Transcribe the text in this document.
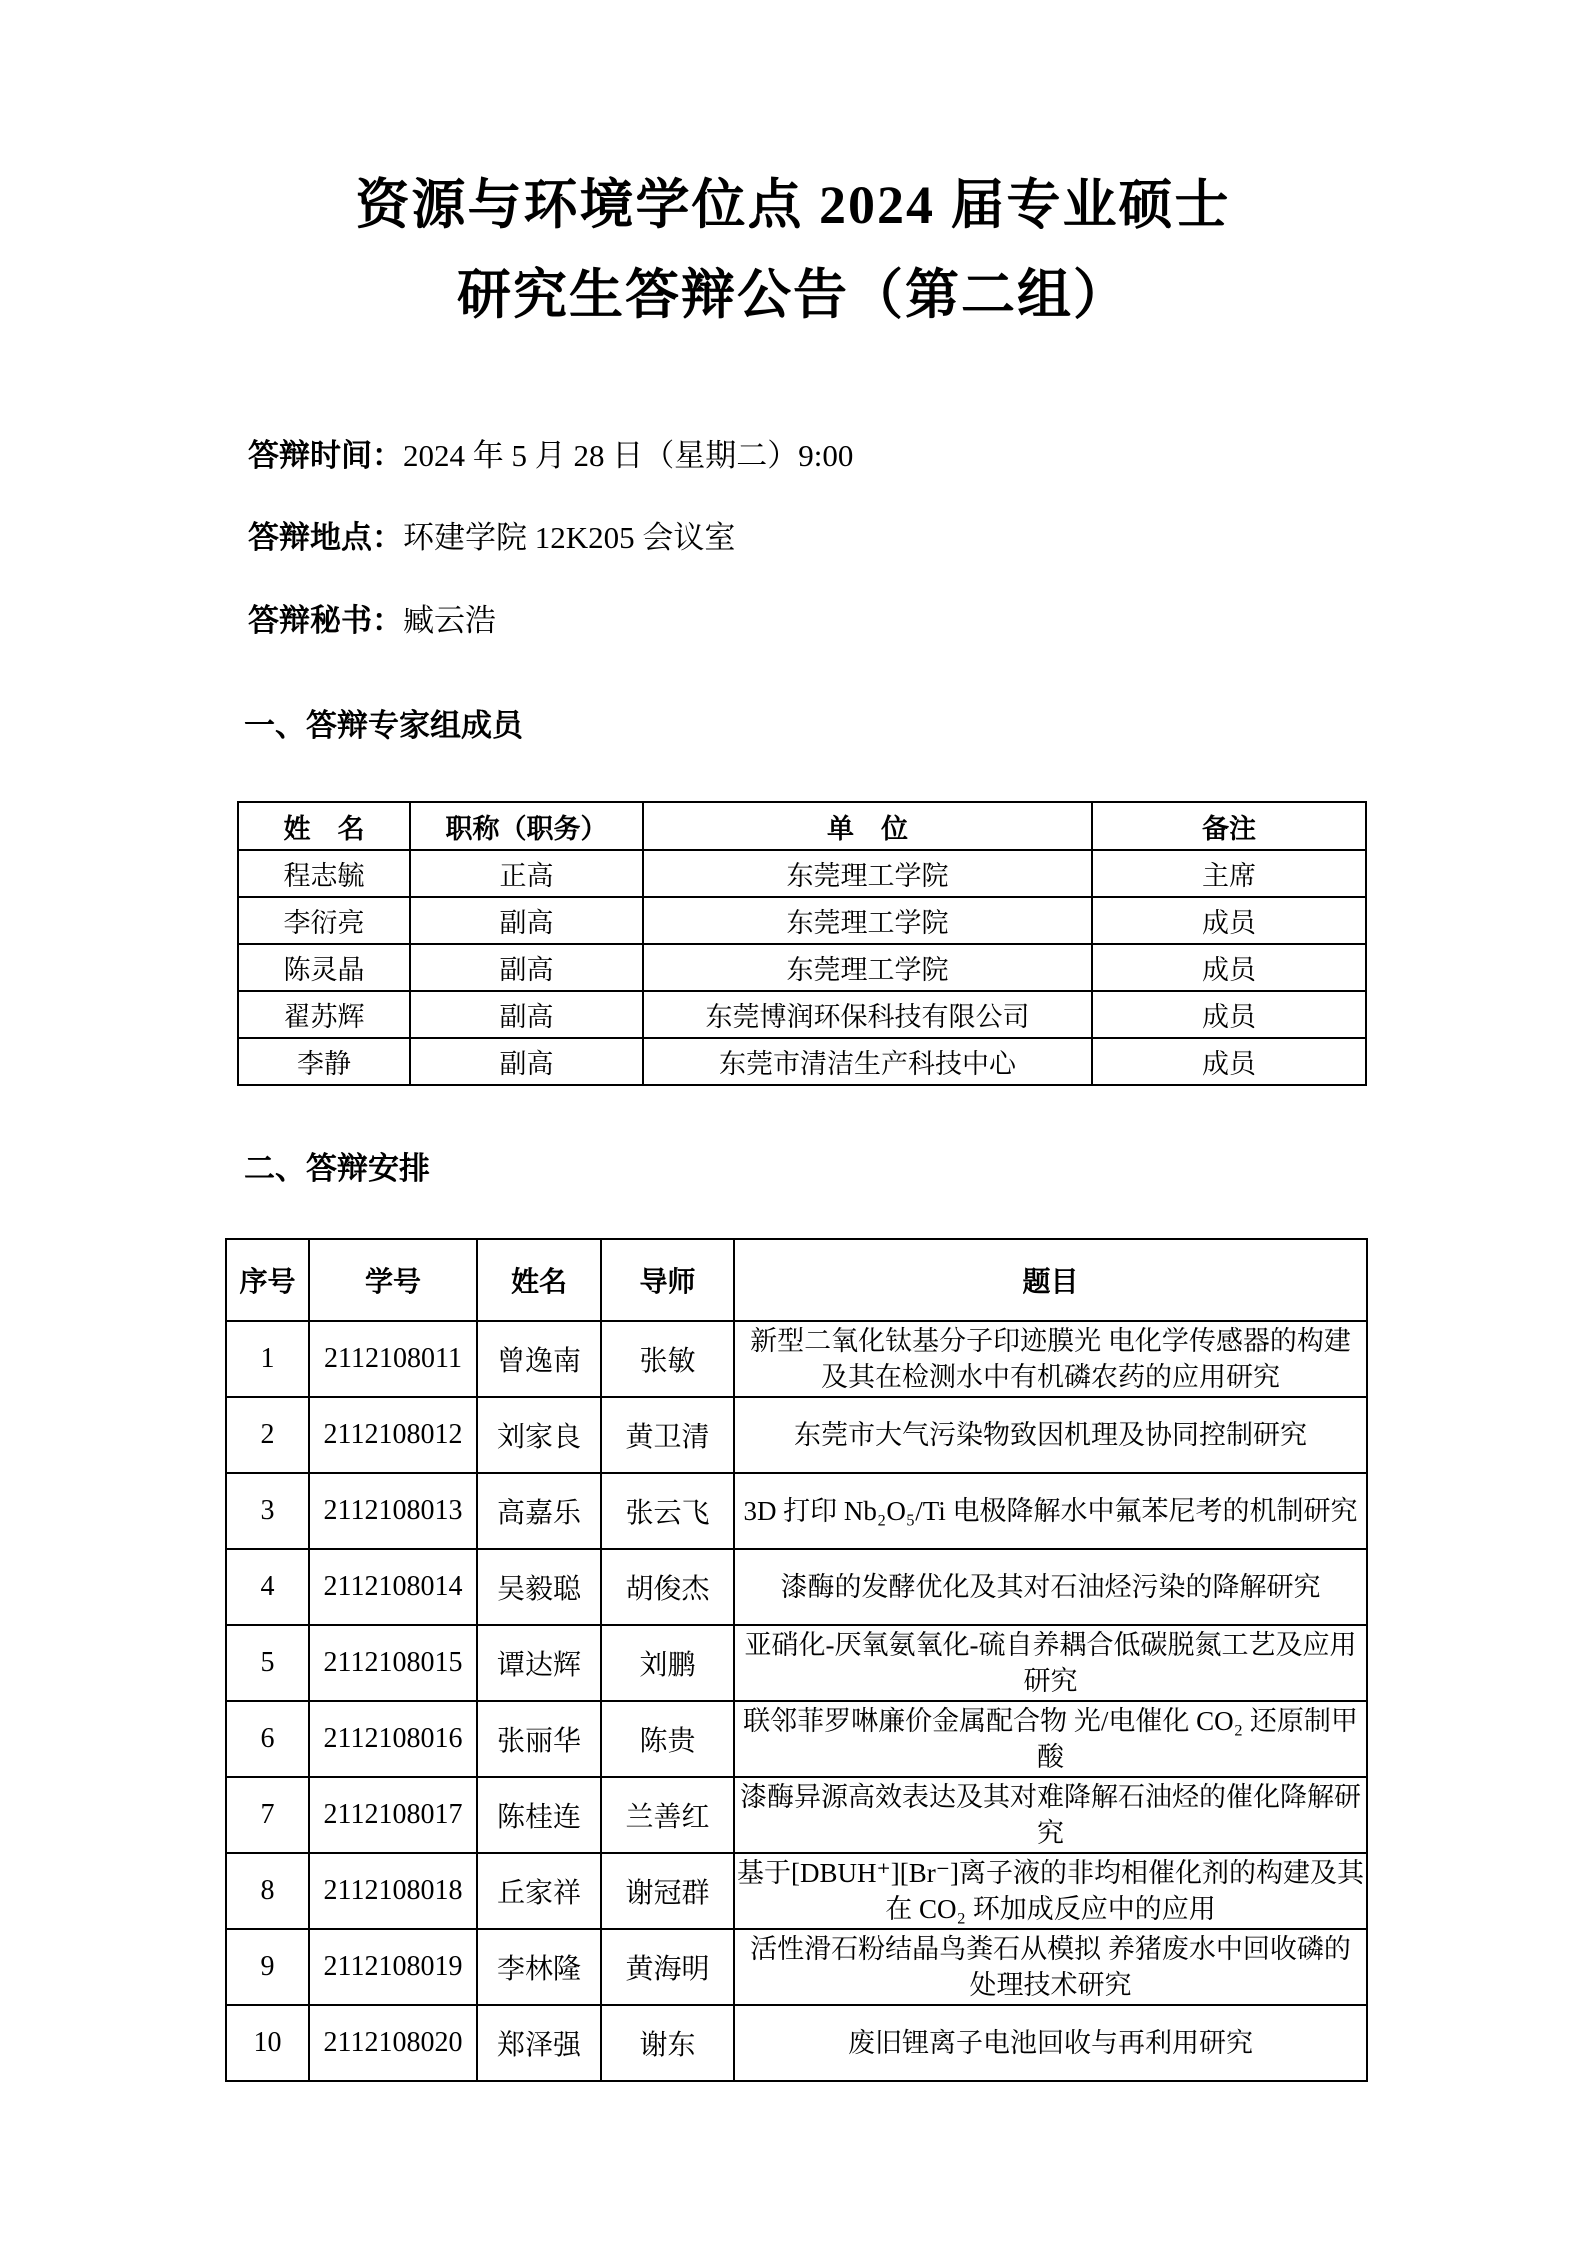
资源与环境学位点 2024 届专业硕士
研究生答辩公告（第二组）
答辩时间：2024 年 5 月 28 日（星期二）9:00
答辩地点：环建学院 12K205 会议室
答辩秘书：臧云浩
一、答辩专家组成员
姓　名	职称（职务）	单　位	备注
程志毓	正高	东莞理工学院	主席
李衍亮	副高	东莞理工学院	成员
陈灵晶	副高	东莞理工学院	成员
翟苏辉	副高	东莞博润环保科技有限公司	成员
李静	副高	东莞市清洁生产科技中心	成员
二、答辩安排
序号	学号	姓名	导师	题目
1	2112108011	曾逸南	张敏	新型二氧化钛基分子印迹膜光 电化学传感器的构建及其在检测水中有机磷农药的应用研究
2	2112108012	刘家良	黄卫清	东莞市大气污染物致因机理及协同控制研究
3	2112108013	高嘉乐	张云飞	3D 打印 Nb₂O₅/Ti 电极降解水中氟苯尼考的机制研究
4	2112108014	吴毅聪	胡俊杰	漆酶的发酵优化及其对石油烃污染的降解研究
5	2112108015	谭达辉	刘鹏	亚硝化-厌氧氨氧化-硫自养耦合低碳脱氮工艺及应用研究
6	2112108016	张丽华	陈贵	联邻菲罗啉廉价金属配合物 光/电催化 CO₂ 还原制甲酸
7	2112108017	陈桂连	兰善红	漆酶异源高效表达及其对难降解石油烃的催化降解研究
8	2112108018	丘家祥	谢冠群	基于[DBUH⁺][Br⁻]离子液的非均相催化剂的构建及其在 CO₂ 环加成反应中的应用
9	2112108019	李林隆	黄海明	活性滑石粉结晶鸟粪石从模拟 养猪废水中回收磷的处理技术研究
10	2112108020	郑泽强	谢东	废旧锂离子电池回收与再利用研究
